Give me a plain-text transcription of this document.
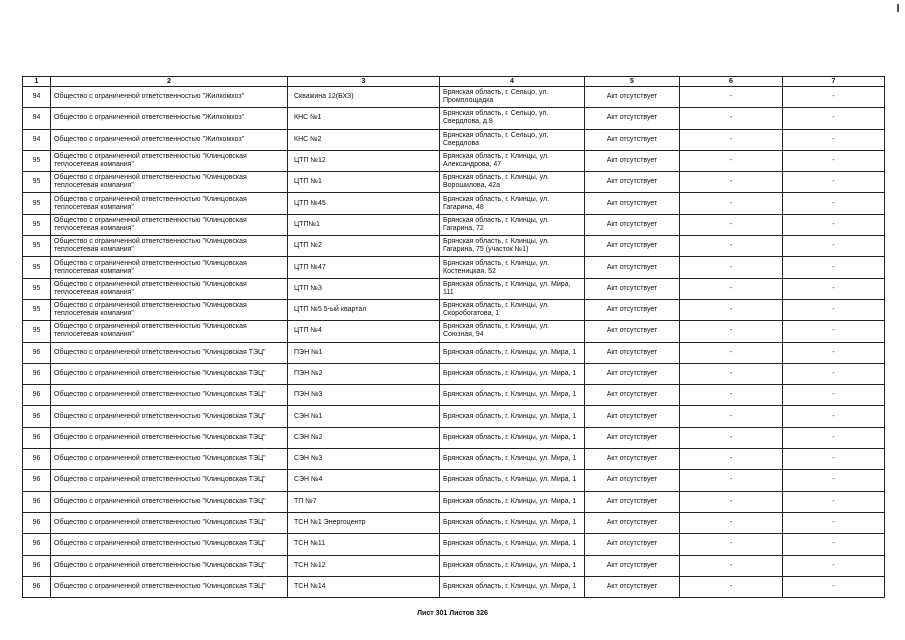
1	2	3	4	5	6	7
94	Общество с ограниченной ответственностью "Жилкомхоз"	Скважина 12(БХЗ)	Брянская область, г. Сельцо, ул. Промплощадка	Акт отсутствует	-	-
94	Общество с ограниченной ответственностью "Жилкомхоз"	КНС №1	Брянская область, г. Сельцо, ул. Свердлова, д.8	Акт отсутствует	-	-
94	Общество с ограниченной ответственностью "Жилкомхоз"	КНС №2	Брянская область, г. Сельцо, ул. Свердлова	Акт отсутствует	-	-
95	Общество с ограниченной ответственностью "Клинцовская теплосетевая компания"	ЦТП №12	Брянская область, г. Клинцы, ул. Александрова, 47	Акт отсутствует	-	-
95	Общество с ограниченной ответственностью "Клинцовская теплосетевая компания"	ЦТП №1	Брянская область, г. Клинцы, ул. Ворошилова, 42а	Акт отсутствует	-	-
95	Общество с ограниченной ответственностью "Клинцовская теплосетевая компания"	ЦТП №45	Брянская область, г. Клинцы, ул. Гагарина, 48	Акт отсутствует	-	-
95	Общество с ограниченной ответственностью "Клинцовская теплосетевая компания"	ЦТП№1	Брянская область, г. Клинцы, ул. Гагарина, 72	Акт отсутствует	-	-
95	Общество с ограниченной ответственностью "Клинцовская теплосетевая компания"	ЦТП №2	Брянская область, г. Клинцы, ул. Гагарина, 75 (участок №1)	Акт отсутствует	-	-
95	Общество с ограниченной ответственностью "Клинцовская теплосетевая компания"	ЦТП №47	Брянская область, г. Клинцы, ул. Костеницкая, 52	Акт отсутствует	-	-
95	Общество с ограниченной ответственностью "Клинцовская теплосетевая компания"	ЦТП №3	Брянская область, г. Клинцы, ул. Мира, 111	Акт отсутствует	-	-
95	Общество с ограниченной ответственностью "Клинцовская теплосетевая компания"	ЦТП №5 5-ый квартал	Брянская область, г. Клинцы, ул. Скоробогатова, 1	Акт отсутствует	-	-
95	Общество с ограниченной ответственностью "Клинцовская теплосетевая компания"	ЦТП №4	Брянская область, г. Клинцы, ул. Союзная, 94	Акт отсутствует	-	-
96	Общество с ограниченной ответственностью "Клинцовская ТЭЦ"	ПЭН №1	Брянская область, г. Клинцы, ул. Мира, 1	Акт отсутствует	-	-
96	Общество с ограниченной ответственностью "Клинцовская ТЭЦ"	ПЭН №2	Брянская область, г. Клинцы, ул. Мира, 1	Акт отсутствует	-	-
96	Общество с ограниченной ответственностью "Клинцовская ТЭЦ"	ПЭН №3	Брянская область, г. Клинцы, ул. Мира, 1	Акт отсутствует	-	-
96	Общество с ограниченной ответственностью "Клинцовская ТЭЦ"	СЭН №1	Брянская область, г. Клинцы, ул. Мира, 1	Акт отсутствует	-	-
96	Общество с ограниченной ответственностью "Клинцовская ТЭЦ"	СЭН №2	Брянская область, г. Клинцы, ул. Мира, 1	Акт отсутствует	-	-
96	Общество с ограниченной ответственностью "Клинцовская ТЭЦ"	СЭН №3	Брянская область, г. Клинцы, ул. Мира, 1	Акт отсутствует	-	-
96	Общество с ограниченной ответственностью "Клинцовская ТЭЦ"	СЭН №4	Брянская область, г. Клинцы, ул. Мира, 1	Акт отсутствует	-	-
96	Общество с ограниченной ответственностью "Клинцовская ТЭЦ"	ТП №7	Брянская область, г. Клинцы, ул. Мира, 1	Акт отсутствует	-	-
96	Общество с ограниченной ответственностью "Клинцовская ТЭЦ"	ТСН №1 Энергоцентр	Брянская область, г. Клинцы, ул. Мира, 1	Акт отсутствует	-	-
96	Общество с ограниченной ответственностью "Клинцовская ТЭЦ"	ТСН №11	Брянская область, г. Клинцы, ул. Мира, 1	Акт отсутствует	-	-
96	Общество с ограниченной ответственностью "Клинцовская ТЭЦ"	ТСН №12	Брянская область, г. Клинцы, ул. Мира, 1	Акт отсутствует	-	-
96	Общество с ограниченной ответственностью "Клинцовская ТЭЦ"	ТСН №14	Брянская область, г. Клинцы, ул. Мира, 1	Акт отсутствует	-	-
Лист 301 Листов 326
